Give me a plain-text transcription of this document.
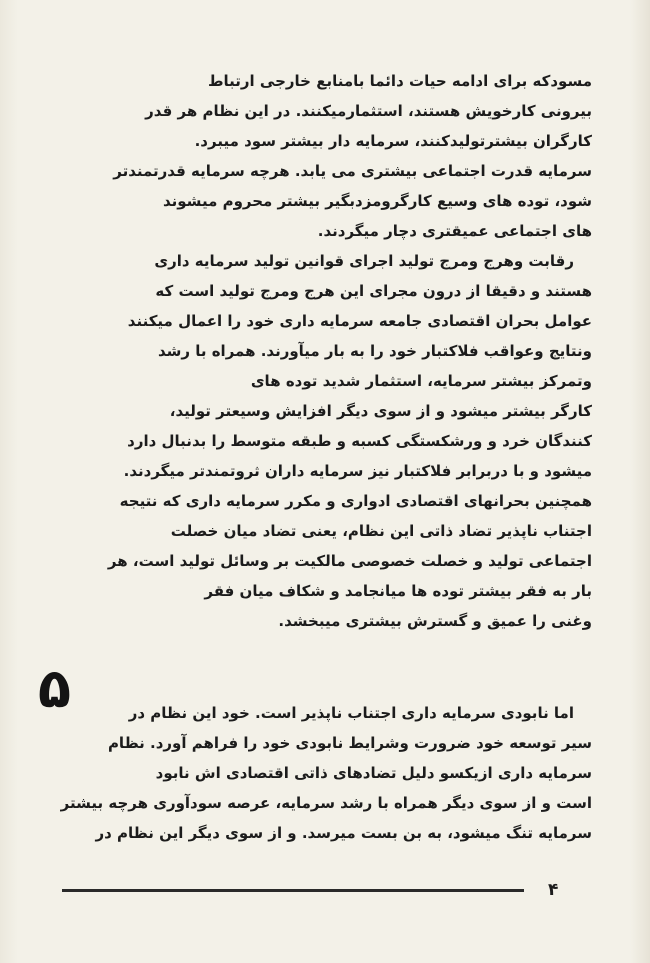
مسودکه برای ادامه حیات دائما بامنابع خارجی ارتباط
بیرونی کارخویش هستند، استثمارمیکنند. در این نظام هر قدر
کارگران بیشترتولیدکنند، سرمایه دار بیشتر سود میبرد.
سرمایه قدرت اجتماعی بیشتری می یابد. هرچه سرمایه قدرتمندتر
شود، توده های وسیع کارگرومزدبگیر بیشتر محروم میشوند
های اجتماعی عمیقتری دچار میگردند.
رقابت وهرج ومرج تولید اجرای قوانین تولید سرمایه داری
هستند و دقیقا از درون مجرای این هرج ومرج تولید است که
عوامل بحران اقتصادی جامعه سرمایه داری خود را اعمال میکنند
ونتایج وعواقب فلاکتبار خود را به بار میآورند. همراه با رشد
وتمرکز بیشتر سرمایه، استثمار شدید توده های
کارگر بیشتر میشود و از سوی دیگر افزایش وسیعتر تولید،
کنندگان خرد و ورشکستگی کسبه و طبقه متوسط را بدنبال دارد
میشود و با دربرابر فلاکتبار نیز سرمایه داران ثروتمندتر میگردند.
همچنین بحرانهای اقتصادی ادواری و مکرر سرمایه داری که نتیجه
اجتناب ناپذیر تضاد ذاتی این نظام، یعنی تضاد میان خصلت
اجتماعی تولید و خصلت خصوصی مالکیت بر وسائل تولید است، هر
بار به فقر بیشتر توده ها میانجامد و شکاف میان فقر
وغنی را عمیق و گسترش بیشتری میبخشد.
۵	اما نابودی سرمایه داری اجتناب ناپذیر است. خود این نظام در
سیر توسعه خود ضرورت وشرایط نابودی خود را فراهم آورد. نظام
سرمایه داری ازیکسو دلیل تضادهای ذاتی اقتصادی اش نابود
است و از سوی دیگر همراه با رشد سرمایه، عرصه سودآوری هرچه بیشتر
سرمایه تنگ میشود، به بن بست میرسد. و از سوی دیگر این نظام در
۴
